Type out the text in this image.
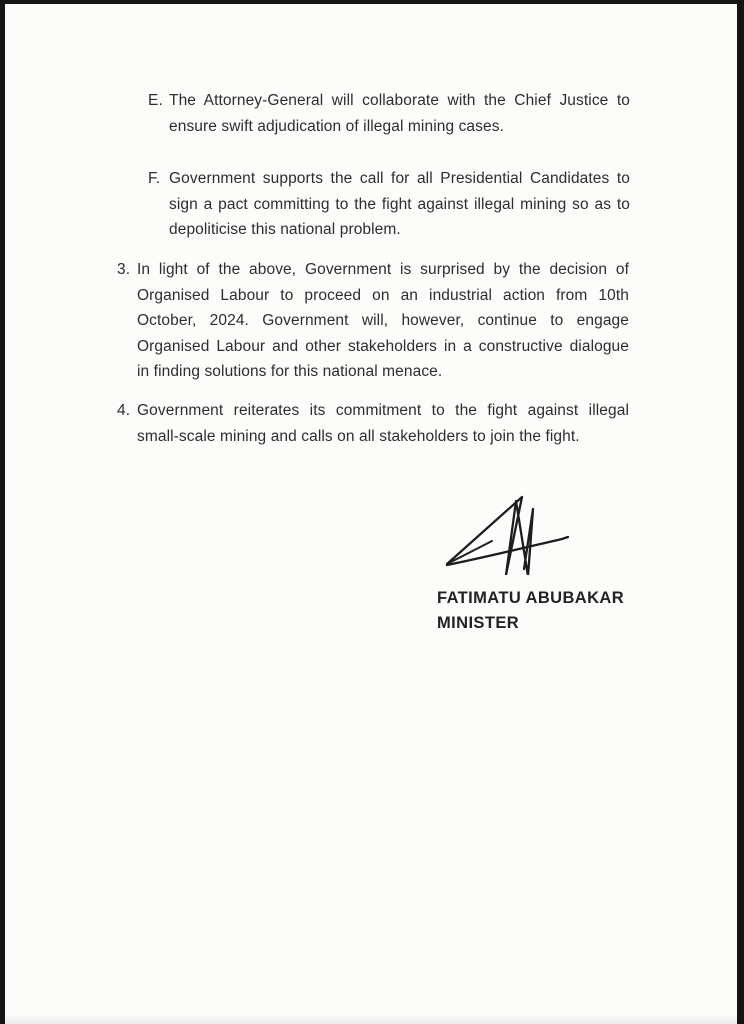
E. The Attorney-General will collaborate with the Chief Justice to
ensure swift adjudication of illegal mining cases.
F. Government supports the call for all Presidential Candidates to
sign a pact committing to the fight against illegal mining so as to
depoliticise this national problem.
3. In light of the above, Government is surprised by the decision of
Organised Labour to proceed on an industrial action from 10th
October, 2024. Government will, however, continue to engage
Organised Labour and other stakeholders in a constructive dialogue
in finding solutions for this national menace.
4. Government reiterates its commitment to the fight against illegal
small-scale mining and calls on all stakeholders to join the fight.
FATIMATU ABUBAKAR
MINISTER
